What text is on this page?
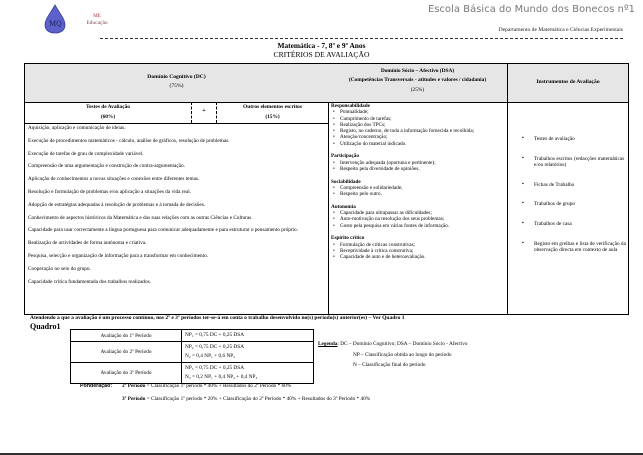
MQ
ME
Educação
Escola Básica do Mundo dos Bonecos nº1
Departamento de Matemática e Ciências Experimentais
Matemática - 7, 8º e 9º Anos
CRITÉRIOS DE AVALIAÇÃO
Domínio Cognitivo (DC)
(75%)
Testes de Avaliação
(60%)
+
Outros elementos escritos
(15%)
Aquisição, aplicação e comunicação de ideias.
Execução de procedimentos matemáticos - cálculo, análise de gráficos, resolução de problemas.
Execução de tarefas de grau de complexidade variável.
Compreensão de uma argumentação e construção de contra-argumentação.
Aplicação de conhecimentos a novas situações e conexões entre diferentes temas.
Resolução e formulação de problemas e/ou aplicação a situações da vida real.
Adopção de estratégias adequadas à resolução de problemas e à tomada de decisões.
Conhecimento de aspectos históricos da Matemática e das suas relações com as outras Ciências e Culturas.
Capacidade para usar correctamente a língua portuguesa para comunicar adequadamente e para estruturar o pensamento próprio.
Realização de actividades de forma autónoma e criativa.
Pesquisa, selecção e organização de informação para a transformar em conhecimento.
Cooperação no seio do grupo.
Capacidade crítica fundamentada dos trabalhos realizados.
Domínio Sócio – Afectivo (DSA)
(Competências Transversais - atitudes e valores / cidadania)
(25%)
Responsabilidade
• Pontualidade;
• Cumprimento de tarefas;
• Realização dos TPCs;
• Registo, no caderno, de toda a informação fornecida e recolhida;
• Atenção/concentração;
• Utilização do material indicado.
Participação
• Intervenção adequada (oportuna e pertinente);
• Respeito pela diversidade de opiniões.
Sociabilidade
• Compreensão e solidariedade;
• Respeito pelo outro.
Autonomia
• Capacidade para ultrapassar as dificuldades;
• Auto-motivação na resolução dos seus problemas;
• Gosto pela pesquisa em várias fontes de informação.
Espírito crítico
• Formulação de críticas construtivas;
• Receptividade à crítica construtiva;
• Capacidade de auto e de heteroavaliação.
Instrumentos de Avaliação
▪ Testes de avaliação
▪ Trabalhos escritos (redacções matemáticas e/ou relatórios)
▪ Fichas de Trabalho
▪ Trabalhos de grupo
▪ Trabalhos de casa
▪ Registo em grelhas e lista de verificação da observação directa em contexto de aula
Atendendo a que a avaliação é um processo contínuo, nos 2º e 3º períodos ter-se-á em conta o trabalho desenvolvido no(s) período(s) anterior(es) – Ver Quadro 1
Quadro1
Avaliação do 1º Período	NP₁ = 0,75 DC + 0,25 DSA

Avaliação do 2º Período	NP₂ = 0,75 DC + 0,25 DSA
N₂ = 0,4 NP₁ + 0,6 NP₂

Avaliação do 3º Período	NP₃ = 0,75 DC + 0,25 DSA
N₃ = 0,2 NP₁ + 0,4 NP₂ + 0,4 NP₃
Legenda: DC – Domínio Cognitivo; DSA – Domínio Sócio - Afectivo
NP – Classificação obtida ao longo do período
N – Classificação final do período
Ponderação: 2º Período = Classificação 1º período * 40% + Resultados do 2º Período * 60%
3º Período = Classificação 1º período * 20% + Classificação do 2º Período * 40% + Resultados do 3º Período * 40%
